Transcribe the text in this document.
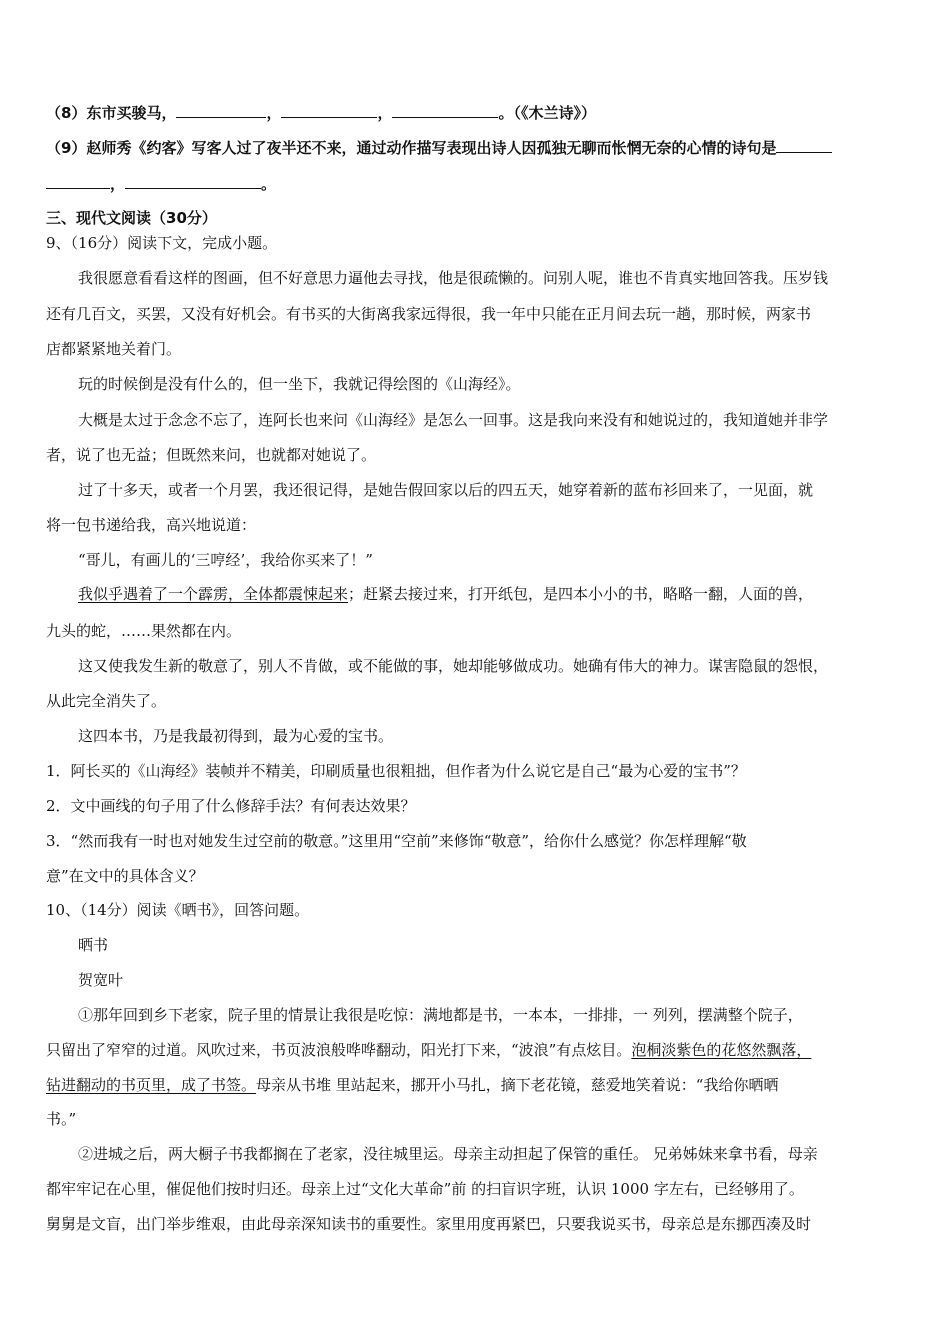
（8）东市买骏马，	，	，	。（《木兰诗》）

（9）赵师秀《约客》写客人过了夜半还不来，通过动作描写表现出诗人因孤独无聊而怅惘无奈的心情的诗句是

，	。

三、现代文阅读（30分）

9、（16分）阅读下文，完成小题。

我很愿意看看这样的图画，但不好意思力逼他去寻找，他是很疏懒的。问别人呢，谁也不肯真实地回答我。压岁钱

还有几百文，买罢，又没有好机会。有书买的大街离我家远得很，我一年中只能在正月间去玩一趟，那时候，两家书

店都紧紧地关着门。

玩的时候倒是没有什么的，但一坐下，我就记得绘图的《山海经》。

大概是太过于念念不忘了，连阿长也来问《山海经》是怎么一回事。这是我向来没有和她说过的，我知道她并非学

者，说了也无益；但既然来问，也就都对她说了。

过了十多天，或者一个月罢，我还很记得，是她告假回家以后的四五天，她穿着新的蓝布衫回来了，一见面，就

将一包书递给我，高兴地说道：

“哥儿，有画儿的‘三哼经’，我给你买来了！”

我似乎遇着了一个霹雳，全体都震悚起来；赶紧去接过来，打开纸包，是四本小小的书，略略一翻，人面的兽，

九头的蛇，……果然都在内。

这又使我发生新的敬意了，别人不肯做，或不能做的事，她却能够做成功。她确有伟大的神力。谋害隐鼠的怨恨，

从此完全消失了。

这四本书，乃是我最初得到，最为心爱的宝书。

1．阿长买的《山海经》装帧并不精美，印刷质量也很粗拙，但作者为什么说它是自己“最为心爱的宝书”？

2．文中画线的句子用了什么修辞手法？有何表达效果？

3．“然而我有一时也对她发生过空前的敬意。”这里用“空前”来修饰“敬意”，给你什么感觉？你怎样理解“敬

意”在文中的具体含义？

10、（14分）阅读《晒书》，回答问题。

晒书

贺宽叶

①那年回到乡下老家，院子里的情景让我很是吃惊：满地都是书，一本本，一排排，一 列列，摆满整个院子，

只留出了窄窄的过道。风吹过来，书页波浪般哗哗翻动，阳光打下来，“波浪”有点炫目。泡桐淡紫色的花悠然飘落，

钻进翻动的书页里，成了书签。母亲从书堆 里站起来，挪开小马扎，摘下老花镜，慈爱地笑着说：“我给你晒晒

书。”

②进城之后，两大橱子书我都搁在了老家，没往城里运。母亲主动担起了保管的重任。 兄弟姊妹来拿书看，母亲

都牢牢记在心里，催促他们按时归还。母亲上过“文化大革命”前 的扫盲识字班，认识 1000 字左右，已经够用了。

舅舅是文盲，出门举步维艰，由此母亲深知读书的重要性。家里用度再紧巴，只要我说买书，母亲总是东挪西凑及时
